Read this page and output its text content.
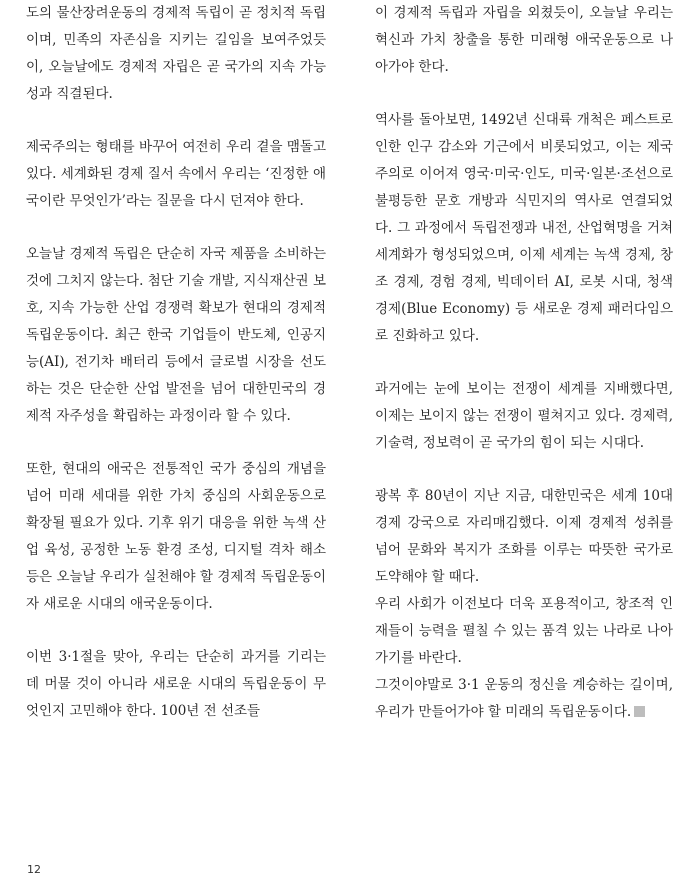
도의 물산장려운동의 경제적 독립이 곧 정치적 독립이며, 민족의 자존심을 지키는 길임을 보여주었듯이, 오늘날에도 경제적 자립은 곧 국가의 지속 가능성과 직결된다.

제국주의는 형태를 바꾸어 여전히 우리 곁을 맴돌고 있다. 세계화된 경제 질서 속에서 우리는 ‘진정한 애국이란 무엇인가’라는 질문을 다시 던져야 한다.

오늘날 경제적 독립은 단순히 자국 제품을 소비하는 것에 그치지 않는다. 첨단 기술 개발, 지식재산권 보호, 지속 가능한 산업 경쟁력 확보가 현대의 경제적 독립운동이다. 최근 한국 기업들이 반도체, 인공지능(AI), 전기차 배터리 등에서 글로벌 시장을 선도하는 것은 단순한 산업 발전을 넘어 대한민국의 경제적 자주성을 확립하는 과정이라 할 수 있다.

또한, 현대의 애국은 전통적인 국가 중심의 개념을 넘어 미래 세대를 위한 가치 중심의 사회운동으로 확장될 필요가 있다. 기후 위기 대응을 위한 녹색 산업 육성, 공정한 노동 환경 조성, 디지털 격차 해소 등은 오늘날 우리가 실천해야 할 경제적 독립운동이자 새로운 시대의 애국운동이다.

이번 3·1절을 맞아, 우리는 단순히 과거를 기리는 데 머물 것이 아니라 새로운 시대의 독립운동이 무엇인지 고민해야 한다. 100년 전 선조들

이 경제적 독립과 자립을 외쳤듯이, 오늘날 우리는 혁신과 가치 창출을 통한 미래형 애국운동으로 나아가야 한다.

역사를 돌아보면, 1492년 신대륙 개척은 페스트로 인한 인구 감소와 기근에서 비롯되었고, 이는 제국주의로 이어져 영국·미국·인도, 미국·일본·조선으로 불평등한 문호 개방과 식민지의 역사로 연결되었다. 그 과정에서 독립전쟁과 내전, 산업혁명을 거쳐 세계화가 형성되었으며, 이제 세계는 녹색 경제, 창조 경제, 경험 경제, 빅데이터 AI, 로봇 시대, 청색 경제(Blue Economy) 등 새로운 경제 패러다임으로 진화하고 있다.

과거에는 눈에 보이는 전쟁이 세계를 지배했다면, 이제는 보이지 않는 전쟁이 펼쳐지고 있다. 경제력, 기술력, 정보력이 곧 국가의 힘이 되는 시대다.

광복 후 80년이 지난 지금, 대한민국은 세계 10대 경제 강국으로 자리매김했다. 이제 경제적 성취를 넘어 문화와 복지가 조화를 이루는 따뜻한 국가로 도약해야 할 때다.

우리 사회가 이전보다 더욱 포용적이고, 창조적 인재들이 능력을 펼칠 수 있는 품격 있는 나라로 나아가기를 바란다.

그것이야말로 3·1 운동의 정신을 계승하는 길이며, 우리가 만들어가야 할 미래의 독립운동이다.

12
